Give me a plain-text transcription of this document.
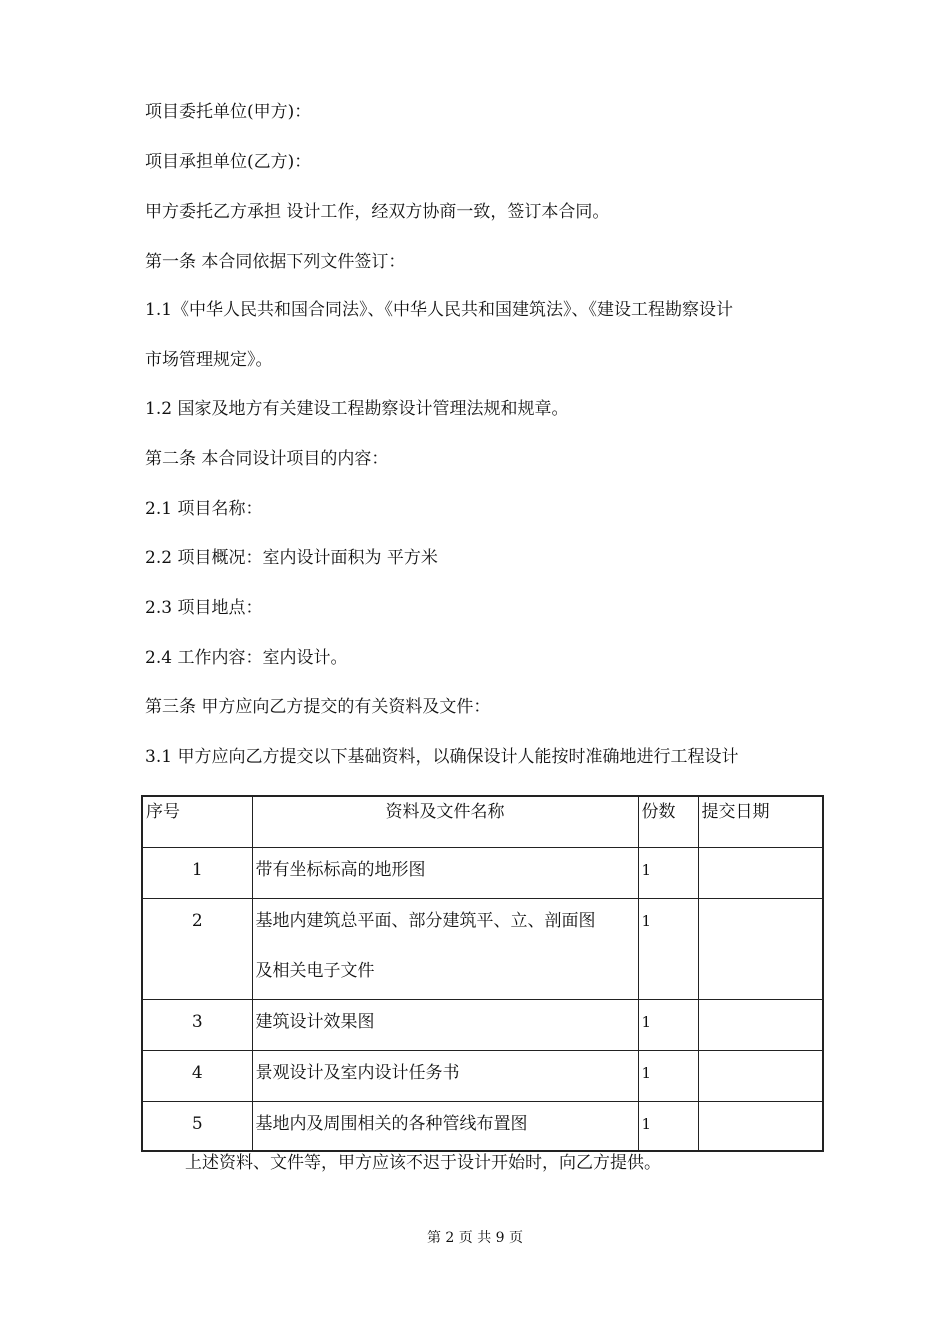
项目委托单位(甲方)：
项目承担单位(乙方)：
甲方委托乙方承担 设计工作，经双方协商一致，签订本合同。
第一条 本合同依据下列文件签订：
1.1《中华人民共和国合同法》、《中华人民共和国建筑法》、《建设工程勘察设计
市场管理规定》。
1.2 国家及地方有关建设工程勘察设计管理法规和规章。
第二条 本合同设计项目的内容：
2.1 项目名称：
2.2 项目概况：室内设计面积为 平方米
2.3 项目地点：
2.4 工作内容：室内设计。
第三条 甲方应向乙方提交的有关资料及文件：
3.1 甲方应向乙方提交以下基础资料，以确保设计人能按时准确地进行工程设计
序号	资料及文件名称	份数	提交日期

1	带有坐标标高的地形图	1	

2	基地内建筑总平面、部分建筑平、立、剖面图
及相关电子文件	1	

3	建筑设计效果图	1	

4	景观设计及室内设计任务书	1	

5	基地内及周围相关的各种管线布置图	1	

上述资料、文件等，甲方应该不迟于设计开始时，向乙方提供。
第 2 页 共 9 页
